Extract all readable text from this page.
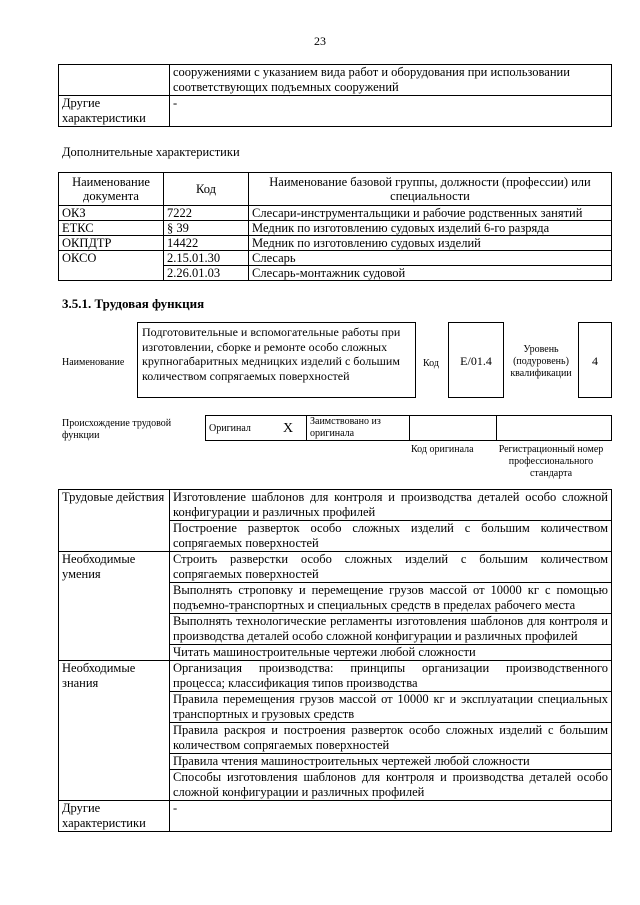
23
	сооружениями с указанием вида работ и оборудования при использовании соответствующих подъемных сооружений
Другие характеристики	-
Дополнительные характеристики
Наименование документа	Код	Наименование базовой группы, должности (профессии) или специальности
ОКЗ	7222	Слесари-инструментальщики и рабочие родственных занятий
ЕТКС	§ 39	Медник по изготовлению судовых изделий 6-го разряда
ОКПДТР	14422	Медник по изготовлению судовых изделий
ОКСО	2.15.01.30	Слесарь
	2.26.01.03	Слесарь-монтажник судовой
3.5.1. Трудовая функция
Наименование
Подготовительные и вспомогательные работы при изготовлении, сборке и ремонте особо сложных крупногабаритных медницких изделий с большим количеством сопрягаемых поверхностей
Код	E/01.4
Уровень (подуровень) квалификации
4
Происхождение трудовой функции
Оригинал	X	Заимствовано из оригинала		
Код оригинала	Регистрационный номер профессионального стандарта
Трудовые действия	Изготовление шаблонов для контроля и производства деталей особо сложной конфигурации и различных профилей
	Построение разверток особо сложных изделий с большим количеством сопрягаемых поверхностей
Необходимые умения	Строить разверстки особо сложных изделий с большим количеством сопрягаемых поверхностей
	Выполнять строповку и перемещение грузов массой от 10000 кг с помощью подъемно-транспортных и специальных средств в пределах рабочего места
	Выполнять технологические регламенты изготовления шаблонов для контроля и производства деталей особо сложной конфигурации и различных профилей
	Читать машиностроительные чертежи любой сложности
Необходимые знания	Организация производства: принципы организации производственного процесса; классификация типов производства
	Правила перемещения грузов массой от 10000 кг и эксплуатации специальных транспортных и грузовых средств
	Правила раскроя и построения разверток особо сложных изделий с большим количеством сопрягаемых поверхностей
	Правила чтения машиностроительных чертежей любой сложности
	Способы изготовления шаблонов для контроля и производства деталей особо сложной конфигурации и различных профилей
Другие характеристики	-
